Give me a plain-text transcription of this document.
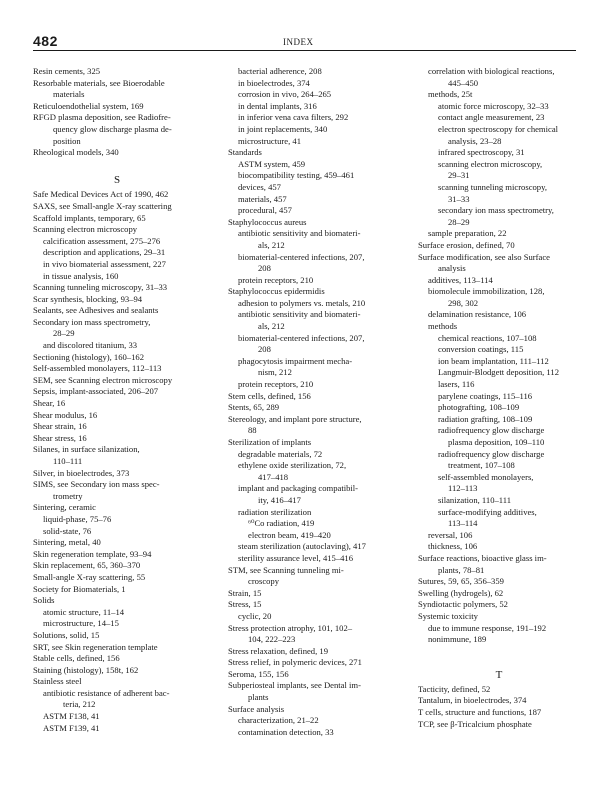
482	INDEX
Resin cements, 325
Resorbable materials, see Bioerodable
materials
Reticuloendothelial system, 169
RFGD plasma deposition, see Radiofre-
quency glow discharge plasma de-
position
Rheological models, 340
S
Safe Medical Devices Act of 1990, 462
SAXS, see Small-angle X-ray scattering
Scaffold implants, temporary, 65
Scanning electron microscopy
calcification assessment, 275–276
description and applications, 29–31
in vivo biomaterial assessment, 227
in tissue analysis, 160
Scanning tunneling microscopy, 31–33
Scar synthesis, blocking, 93–94
Sealants, see Adhesives and sealants
Secondary ion mass spectrometry,
28–29
and discolored titanium, 33
Sectioning (histology), 160–162
Self-assembled monolayers, 112–113
SEM, see Scanning electron microscopy
Sepsis, implant-associated, 206–207
Shear, 16
Shear modulus, 16
Shear strain, 16
Shear stress, 16
Silanes, in surface silanization,
110–111
Silver, in bioelectrodes, 373
SIMS, see Secondary ion mass spec-
trometry
Sintering, ceramic
liquid-phase, 75–76
solid-state, 76
Sintering, metal, 40
Skin regeneration template, 93–94
Skin replacement, 65, 360–370
Small-angle X-ray scattering, 55
Society for Biomaterials, 1
Solids
atomic structure, 11–14
microstructure, 14–15
Solutions, solid, 15
SRT, see Skin regeneration template
Stable cells, defined, 156
Staining (histology), 158t, 162
Stainless steel
antibiotic resistance of adherent bac-
teria, 212
ASTM F138, 41
ASTM F139, 41
bacterial adherence, 208
in bioelectrodes, 374
corrosion in vivo, 264–265
in dental implants, 316
in inferior vena cava filters, 292
in joint replacements, 340
microstructure, 41
Standards
ASTM system, 459
biocompatibility testing, 459–461
devices, 457
materials, 457
procedural, 457
Staphylococcus aureus
antibiotic sensitivity and biomateri-
als, 212
biomaterial-centered infections, 207,
208
protein receptors, 210
Staphylococcus epidermidis
adhesion to polymers vs. metals, 210
antibiotic sensitivity and biomateri-
als, 212
biomaterial-centered infections, 207,
208
phagocytosis impairment mecha-
nism, 212
protein receptors, 210
Stem cells, defined, 156
Stents, 65, 289
Stereology, and implant pore structure,
88
Sterilization of implants
degradable materials, 72
ethylene oxide sterilization, 72,
417–418
implant and packaging compatibil-
ity, 416–417
radiation sterilization
⁶⁰Co radiation, 419
electron beam, 419–420
steam sterilization (autoclaving), 417
sterility assurance level, 415–416
STM, see Scanning tunneling mi-
croscopy
Strain, 15
Stress, 15
cyclic, 20
Stress protection atrophy, 101, 102–
104, 222–223
Stress relaxation, defined, 19
Stress relief, in polymeric devices, 271
Seroma, 155, 156
Subperiosteal implants, see Dental im-
plants
Surface analysis
characterization, 21–22
contamination detection, 33
correlation with biological reactions,
445–450
methods, 25t
atomic force microscopy, 32–33
contact angle measurement, 23
electron spectroscopy for chemical
analysis, 23–28
infrared spectroscopy, 31
scanning electron microscopy,
29–31
scanning tunneling microscopy,
31–33
secondary ion mass spectrometry,
28–29
sample preparation, 22
Surface erosion, defined, 70
Surface modification, see also Surface
analysis
additives, 113–114
biomolecule immobilization, 128,
298, 302
delamination resistance, 106
methods
chemical reactions, 107–108
conversion coatings, 115
ion beam implantation, 111–112
Langmuir-Blodgett deposition, 112
lasers, 116
parylene coatings, 115–116
photografting, 108–109
radiation grafting, 108–109
radiofrequency glow discharge
plasma deposition, 109–110
radiofrequency glow discharge
treatment, 107–108
self-assembled monolayers,
112–113
silanization, 110–111
surface-modifying additives,
113–114
reversal, 106
thickness, 106
Surface reactions, bioactive glass im-
plants, 78–81
Sutures, 59, 65, 356–359
Swelling (hydrogels), 62
Syndiotactic polymers, 52
Systemic toxicity
due to immune response, 191–192
nonimmune, 189
T
Tacticity, defined, 52
Tantalum, in bioelectrodes, 374
T cells, structure and functions, 187
TCP, see β-Tricalcium phosphate
